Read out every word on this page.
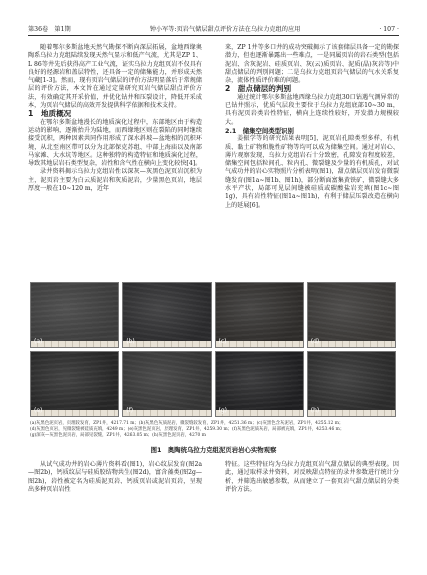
第36卷　第1期	钟小军等:页岩气储层甜点评价方法在乌拉力克组的应用	· 107 ·

随着鄂尔多斯盆地天然气勘探不断向深层拓展，盆地西缘奥陶系乌拉力克组陆续发现天然气显示和低产气流，尤其是ZP 1、L 86等井先后获得高产工业气流，证实乌拉力克组页岩不仅具有良好的烃源岩和盖层特性，还具备一定的储集能力，并形成天然气藏[1-3]。然而，现有页岩气储层的评价方法明显落后于常规储层的评价方法，本文旨在通过定量研究页岩气储层甜点评价方法，有效确定其开采价值，并优化钻井和压裂设计，降低开采成本，为页岩气储层的高效开发提供科学依据和技术支持。

1　地质概况

在鄂尔多斯盆地漫长的地质演化过程中，东部地区由于构造运动的影响，逐渐抬升为陆地，而西缘地区则在裂陷的同时继续接受沉积，两种因素共同作用形成了深水斜坡—盆地相的沉积环境，从北至南区带可以分为北部保克苏组、中部上海庙以及南部马家滩、大水坑等地区。这种独特的构造特征和地质演化过程，导致其地层岩石类型复杂，岩性和含气性在横向上变化较快[4]。

录井资料揭示乌拉力克组岩性以深灰—灰黑色泥页岩沉积为主，泥页岩主要为白云质泥岩和灰质泥岩，少量黑色页岩，地层厚度一般在10~120 m，近年

来，ZP 1井等多口井的成功突破揭示了该套储层具备一定的勘探潜力，但也逐渐暴露出一些难点，一是同属页岩的岩石类型(包括泥岩、含灰泥岩、硅质页岩、灰(云)质页岩、泥质(晶)灰岩等)中甜点储层的判别问题；二是乌拉力克组页岩气储层的气水关系复杂，流体性质评价难的问题。

2　甜点储层的判别

通过统计鄂尔多斯盆地西缘乌拉力克组30口钻遇气测异常的已钻井照示，优质气层段主要位于乌拉力克组底部10~30 m，具有泥页岩类岩性特征，横向上连续性较好，开发潜力规模较大。

2.1　储集空间类型识别

姜振学等的研究结果表明[5]，泥页岩孔隙类型多样，有机质、黏土矿物和脆性矿物等均可以成为储集空间。通过对岩心、薄片观察发现，乌拉力克组岩石十分致密，孔隙发育程度较差，储集空间包括粒间孔、粒内孔、微裂缝及少量的有机质孔，对试气成功井的岩心实物照片分析表明(图1)，甜点储层页岩发育微裂缝发育(图1a~图1b、图1h)，部分断面富集黄铁矿，微裂缝大多水平产状，局部可见层间缝被硅质或碳酸盐岩充填(图1c~图1g)，具有岩性特征(图1a~图1h)，有利于储层压裂改造在横向上的延展[6]。

(a)	(b)	(c)	(d)
(e)	(f)	(g)	(h)
(a)灰黑色泥页岩，页理较发育，ZP1井，4217.71 m；(b)灰黑色灰质泥岩，微裂缝较发育，ZP1井，4251.36 m；(c)灰黑色含灰泥岩，ZP1井，4255.12 m；
(d)灰黑色页岩，见微裂缝被硅质充填，4249 m；(e)灰黑色泥页岩，层理发育，ZP1井，4259.30 m；(f)灰黑色泥质灰岩，局部被充填，ZP1井，4253.46 m；
(g)深灰—灰黑色泥页岩，局部见裂缝，ZP1井，4263.05 m；(h)灰黑色泥页岩，4270 m
图1　奥陶统乌拉力克组泥页岩岩心实物观察

从试气成功井的岩心薄片资料看(图1)，岩心纹层发育(图2a—图2b)，钙质纹层与硅质胶结物共生(图2d)，富含藻类(图2g—图2h)，岩性被定名为硅质泥页岩、钙质页岩或泥岩页岩，呈现出多种页岩岩性

特征。这些特征均为乌拉力克组页岩气甜点储层的典型表现。因此，通过取样录井资料，对反映甜点特征的录井参数进行统计分析，并筛选出敏感参数，从而建立了一套页岩气甜点储层的分类评价方法。
